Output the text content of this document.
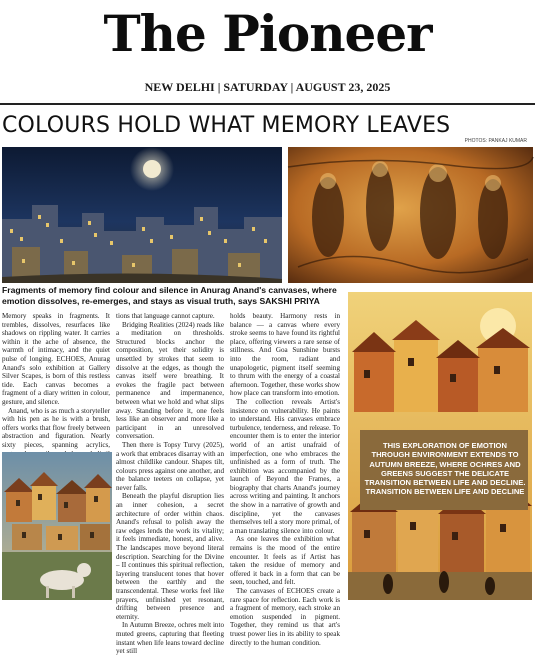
The Pioneer
NEW DELHI | SATURDAY | AUGUST 23, 2025
COLOURS HOLD WHAT MEMORY LEAVES
PHOTOS: PANKAJ KUMAR
Fragments of memory find colour and silence in Anurag Anand's canvases, where emotion dissolves, re-emerges, and stays as visual truth, says SAKSHI PRIYA

Memory speaks in fragments. It trembles, dissolves, resurfaces like shadows on rippling water. It carries within it the ache of absence, the warmth of intimacy, and the quiet pulse of longing. ECHOES, Anurag Anand's solo exhibition at Gallery Silver Scapes, is born of this restless tide. Each canvas becomes a fragment of a diary written in colour, gesture, and silence.

Anand, who is as much a storyteller with his pen as he is with a brush, offers works that flow freely between abstraction and figuration. Nearly sixty pieces, spanning acrylics,

tions that language cannot capture.

Bridging Realities (2024) reads like a meditation on thresholds. Structured blocks anchor the composition, yet their solidity is unsettled by strokes that seem to dissolve at the edges, as though the canvas itself were breathing. It evokes the fragile pact between permanence and impermanence, between what we hold and what slips away. Standing before it, one feels less like an observer and more like a participant in an unresolved conversation.

Then there is Topsy Turvy (2025), a work that embraces disarray with an almost childlike candour. Shapes tilt, colours press against one another, and the balance teeters on collapse, yet never falls.

Beneath the playful disruption lies an inner cohesion, a secret architecture of order within chaos. Anand's refusal to polish away the raw edges lends the work its vitality; it feels immediate, honest, and alive. The landscapes move beyond literal description. Searching for the Divine – II continues this spiritual reflection, layering translucent tones that hover between the earthly and the transcendental. These works feel like prayers, unfinished yet resonant, drifting between presence and eternity.

In Autumn Breeze, ochres melt into muted greens, capturing that fleeting instant when life leans toward decline yet still

holds beauty. Harmony rests in balance — a canvas where every stroke seems to have found its rightful place, offering viewers a rare sense of stillness. And Goa Sunshine bursts into the room, radiant and unapologetic, pigment itself seeming to thrum with the energy of a coastal afternoon. Together, these works show how place can transform into emotion.

The collection reveals Artist's insistence on vulnerability. He paints to understand. His canvases embrace turbulence, tenderness, and release. To encounter them is to enter the interior world of an artist unafraid of imperfection, one who embraces the unfinished as a form of truth. The exhibition was accompanied by the launch of Beyond the Frames, a biography that charts Anand's journey across writing and painting. It anchors the show in a narrative of growth and discipline, yet the canvases themselves tell a story more primal, of a man translating silence into colour.

As one leaves the exhibition what remains is the mood of the entire encounter. It feels as if Artist has taken the residue of memory and offered it back in a form that can be seen, touched, and felt.

The canvases of ECHOES create a rare space for reflection. Each work is a fragment of memory, each stroke an emotion suspended in pigment. Together, they remind us that art's truest power lies in its ability to speak directly to the human condition.

THIS EXPLORATION OF EMOTION THROUGH ENVIRONMENT EXTENDS TO AUTUMN BREEZE, WHERE OCHRES AND GREENS SUGGEST THE DELICATE TRANSITION BETWEEN LIFE AND DECLINE. TRANSITION BETWEEN LIFE AND DECLINE
